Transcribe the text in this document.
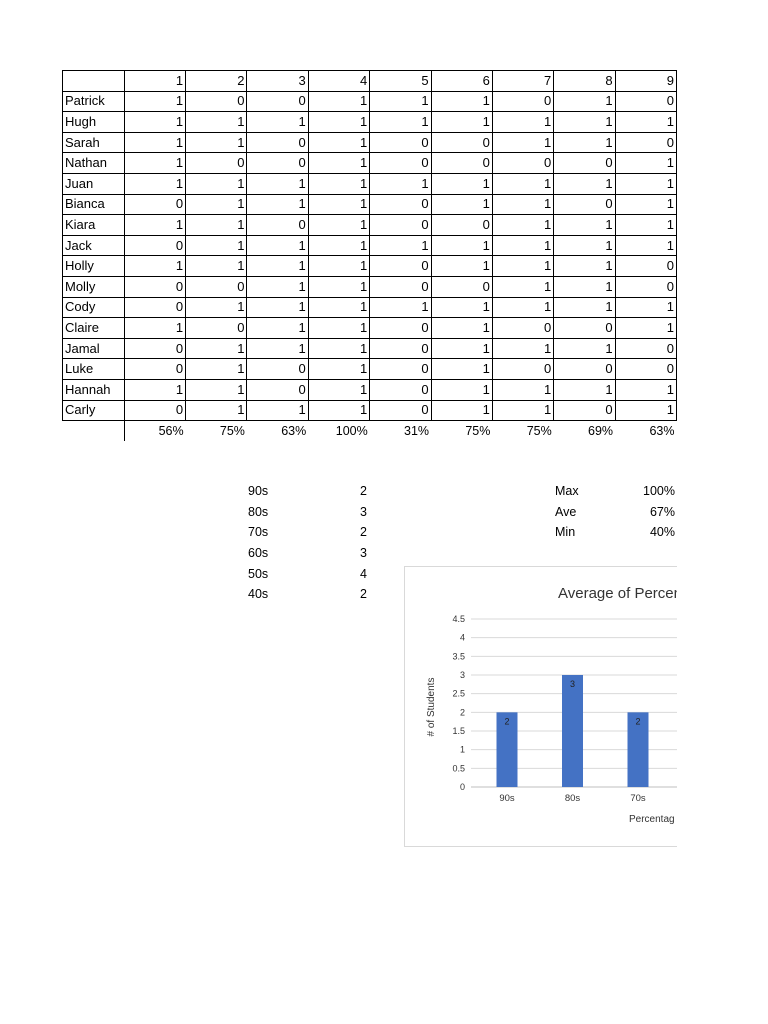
	1	2	3	4	5	6	7	8	9
Patrick	1	0	0	1	1	1	0	1	0
Hugh	1	1	1	1	1	1	1	1	1
Sarah	1	1	0	1	0	0	1	1	0
Nathan	1	0	0	1	0	0	0	0	1
Juan	1	1	1	1	1	1	1	1	1
Bianca	0	1	1	1	0	1	1	0	1
Kiara	1	1	0	1	0	0	1	1	1
Jack	0	1	1	1	1	1	1	1	1
Holly	1	1	1	1	0	1	1	1	0
Molly	0	0	1	1	0	0	1	1	0
Cody	0	1	1	1	1	1	1	1	1
Claire	1	0	1	1	0	1	0	0	1
Jamal	0	1	1	1	0	1	1	1	0
Luke	0	1	0	1	0	1	0	0	0
Hannah	1	1	0	1	0	1	1	1	1
Carly	0	1	1	1	0	1	1	0	1
	56%	75%	63%	100%	31%	75%	75%	69%	63%
90s	2
80s	3
70s	2
60s	3
50s	4
40s	2
Max	100%
Ave	67%
Min	40%
Average of Percen
# of Students
0
0.5
1
1.5
2
2.5
3
3.5
4
4.5
2
90s
3
80s
2
70s
Percentag
